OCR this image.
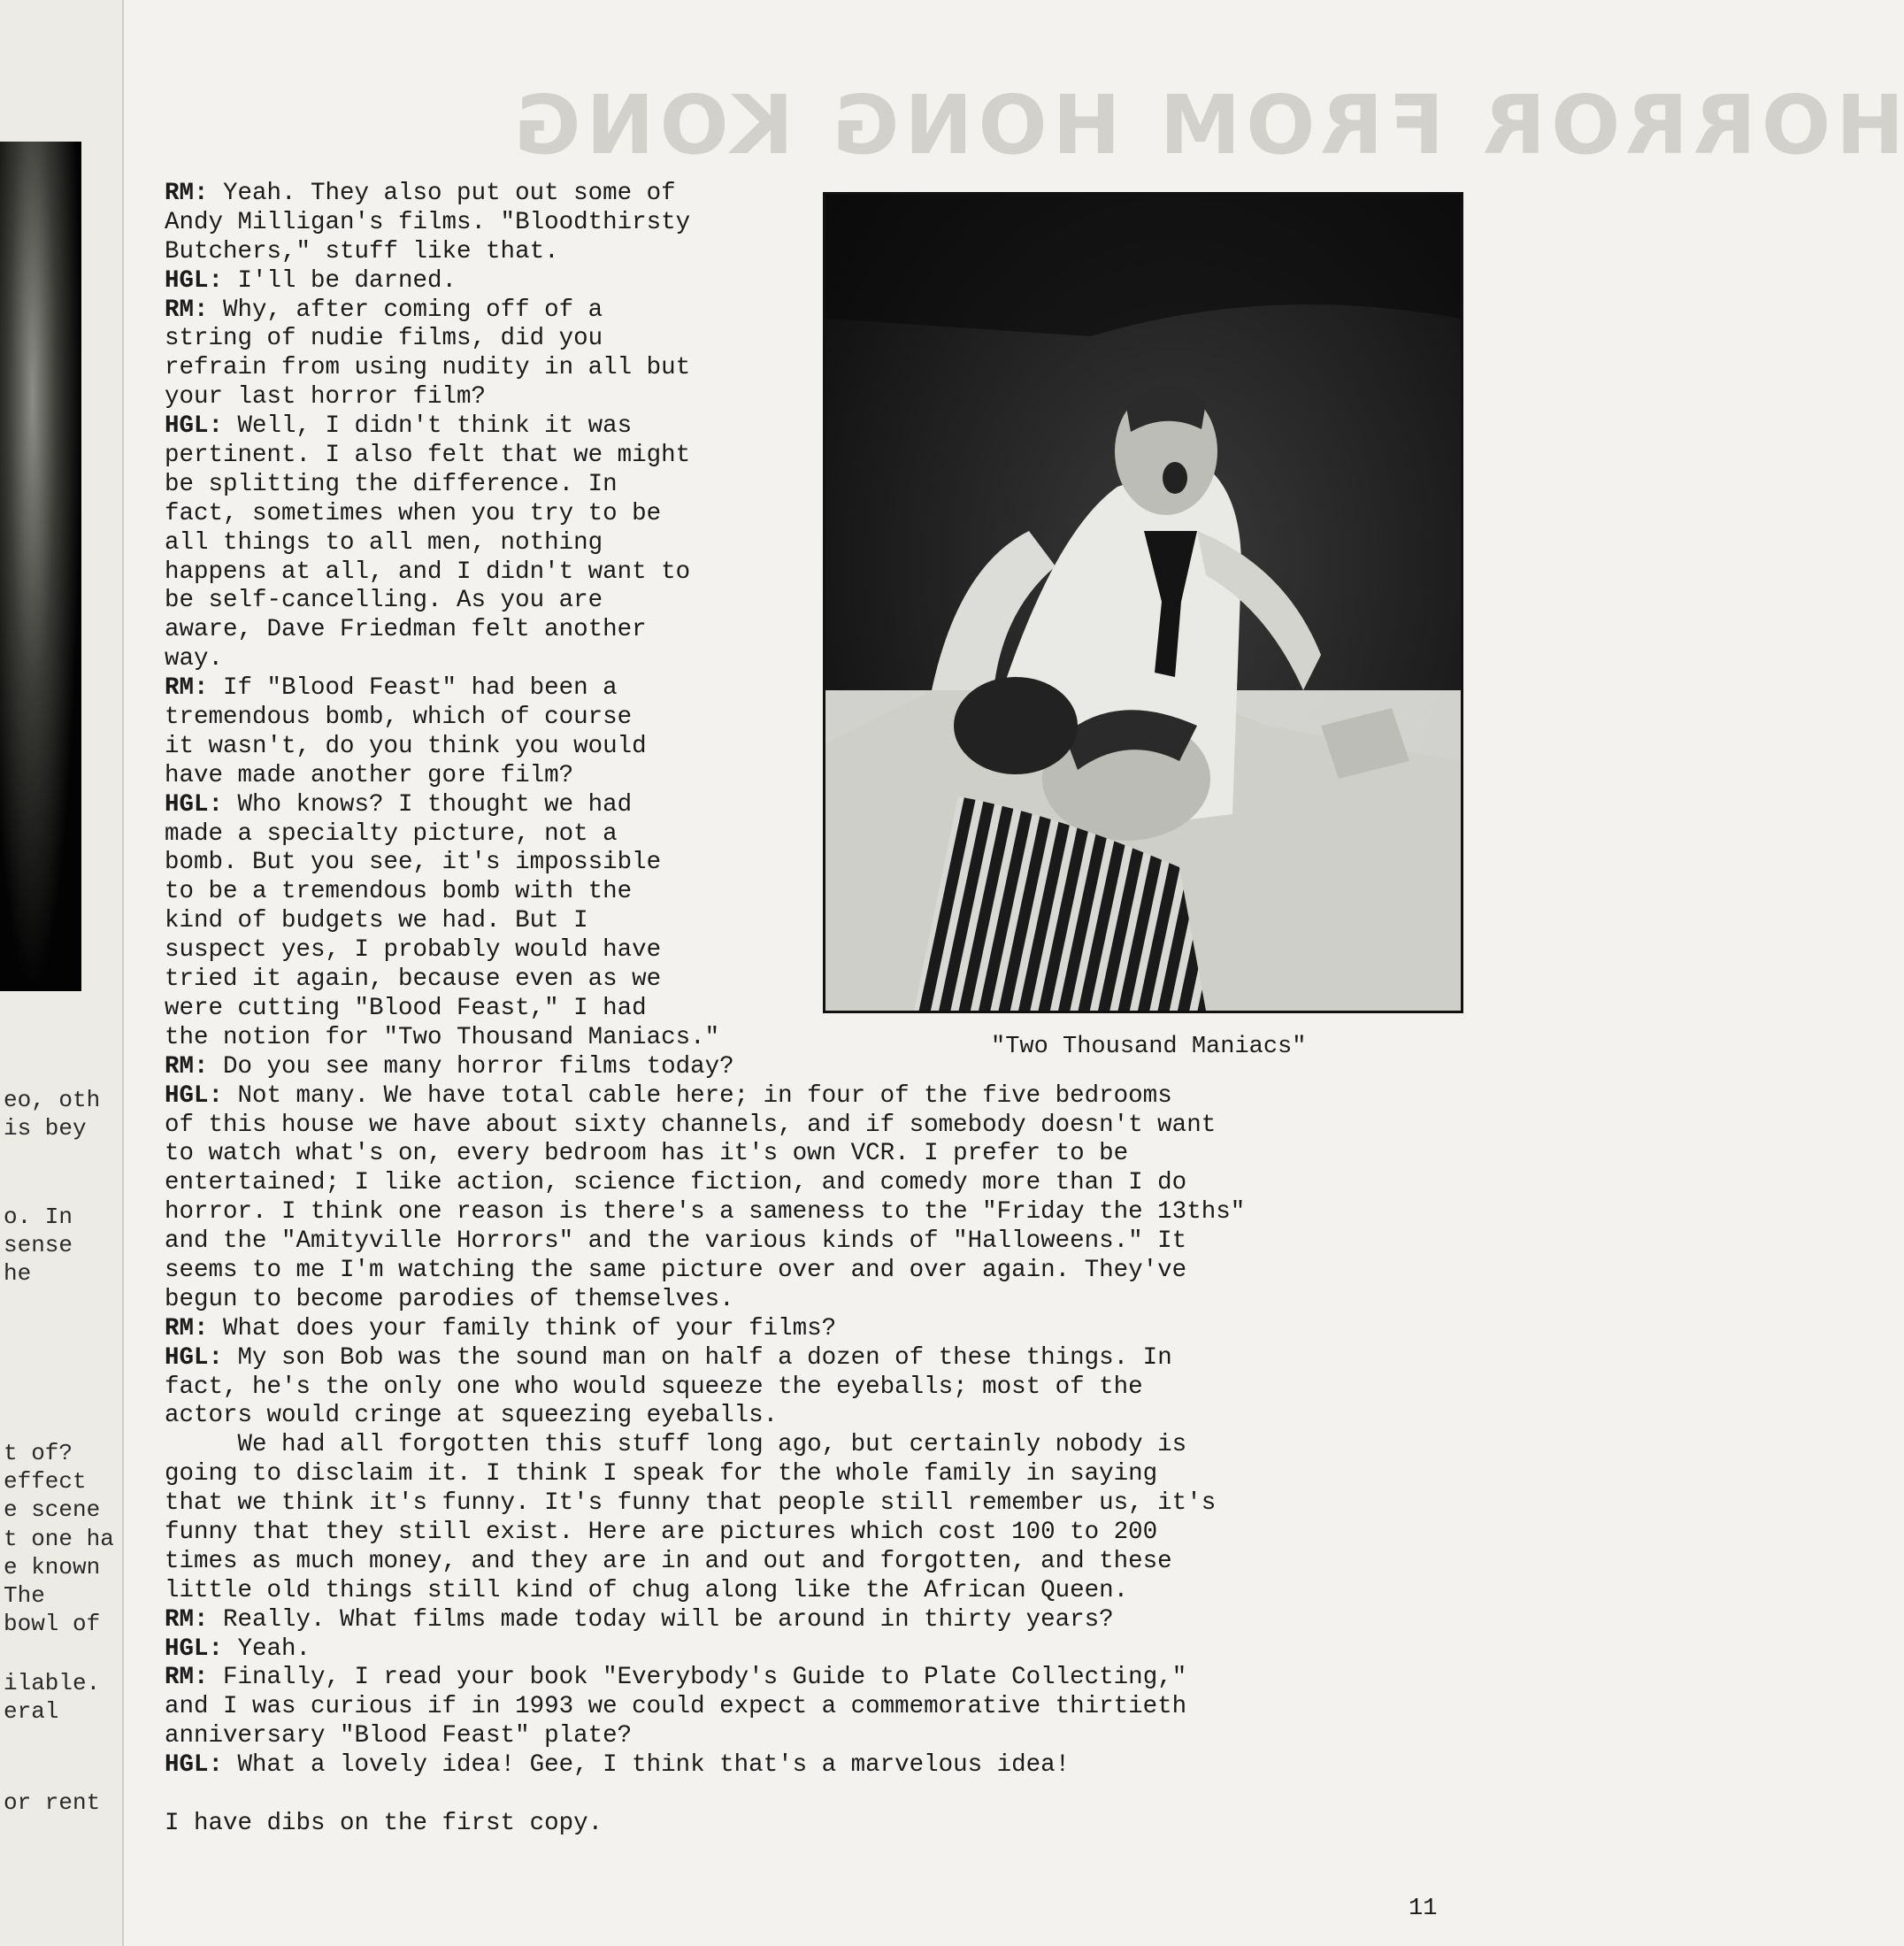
eo, oth
is bey
o. In
sense
he
t of?
effect
e scene
t one ha
e known
The
bowl of
ilable.
eral
or rent
HORROR FROM HONG KONG
"Two Thousand Maniacs"
RM: Yeah. They also put out some of
Andy Milligan's films. "Bloodthirsty
Butchers," stuff like that.
HGL: I'll be darned.
RM: Why, after coming off of a
string of nudie films, did you
refrain from using nudity in all but
your last horror film?
HGL: Well, I didn't think it was
pertinent. I also felt that we might
be splitting the difference. In
fact, sometimes when you try to be
all things to all men, nothing
happens at all, and I didn't want to
be self-cancelling. As you are
aware, Dave Friedman felt another
way.
RM: If "Blood Feast" had been a
tremendous bomb, which of course
it wasn't, do you think you would
have made another gore film?
HGL: Who knows? I thought we had
made a specialty picture, not a
bomb. But you see, it's impossible
to be a tremendous bomb with the
kind of budgets we had. But I
suspect yes, I probably would have
tried it again, because even as we
were cutting "Blood Feast," I had
the notion for "Two Thousand Maniacs."
RM: Do you see many horror films today?
HGL: Not many. We have total cable here; in four of the five bedrooms
of this house we have about sixty channels, and if somebody doesn't want
to watch what's on, every bedroom has it's own VCR. I prefer to be
entertained; I like action, science fiction, and comedy more than I do
horror. I think one reason is there's a sameness to the "Friday the 13ths"
and the "Amityville Horrors" and the various kinds of "Halloweens." It
seems to me I'm watching the same picture over and over again. They've
begun to become parodies of themselves.
RM: What does your family think of your films?
HGL: My son Bob was the sound man on half a dozen of these things. In
fact, he's the only one who would squeeze the eyeballs; most of the
actors would cringe at squeezing eyeballs.
We had all forgotten this stuff long ago, but certainly nobody is
going to disclaim it. I think I speak for the whole family in saying
that we think it's funny. It's funny that people still remember us, it's
funny that they still exist. Here are pictures which cost 100 to 200
times as much money, and they are in and out and forgotten, and these
little old things still kind of chug along like the African Queen.
RM: Really. What films made today will be around in thirty years?
HGL: Yeah.
RM: Finally, I read your book "Everybody's Guide to Plate Collecting,"
and I was curious if in 1993 we could expect a commemorative thirtieth
anniversary "Blood Feast" plate?
HGL: What a lovely idea! Gee, I think that's a marvelous idea!
I have dibs on the first copy.
11
